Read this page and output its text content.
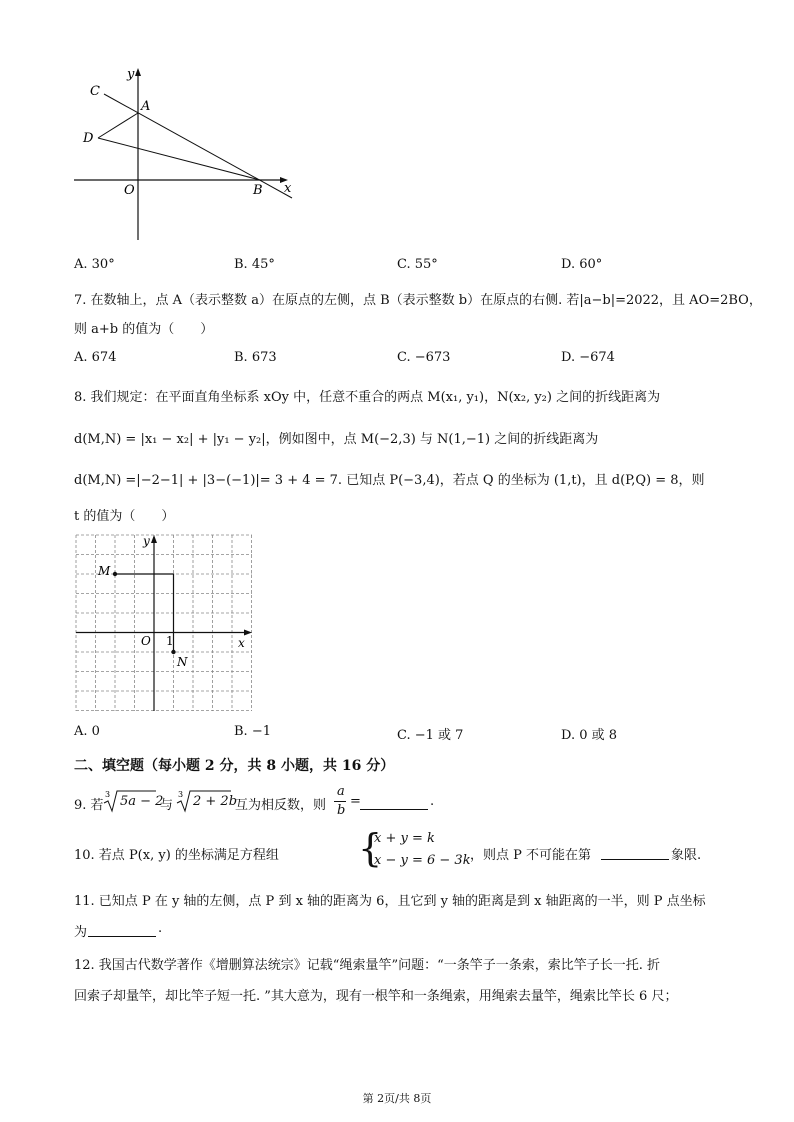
y
x
C
A
D
O	B
A. 30°	B. 45°	C. 55°	D. 60°
7. 在数轴上，点 A（表示整数 a）在原点的左侧，点 B（表示整数 b）在原点的右侧. 若|a−b|=2022，且 AO=2BO，
则 a+b 的值为（　　）
A. 674	B. 673	C. −673	D. −674
8. 我们规定：在平面直角坐标系 xOy 中，任意不重合的两点 M(x₁, y₁)，N(x₂, y₂) 之间的折线距离为
d(M,N) = |x₁ − x₂| + |y₁ − y₂|，例如图中，点 M(−2,3) 与 N(1,−1) 之间的折线距离为
d(M,N) =|−2−1| + |3−(−1)|= 3 + 4 = 7. 已知点 P(−3,4)，若点 Q 的坐标为 (1,t)，且 d(P,Q) = 8，则
t 的值为（　　）
y
x
M
O 1
N
A. 0	B. −1	C. −1 或 7	D. 0 或 8
二、填空题（每小题 2 分，共 8 小题，共 16 分）
9. 若
3 5a − 2
与
3 2 + 2b
互为相反数，则
a
b
=	.
10. 若点 P(x, y) 的坐标满足方程组 {
x + y = k
x − y = 6 − 3k ，则点 P 不可能在第	象限.
11. 已知点 P 在 y 轴的左侧，点 P 到 x 轴的距离为 6，且它到 y 轴的距离是到 x 轴距离的一半，则 P 点坐标
为	.
12. 我国古代数学著作《增删算法统宗》记载“绳索量竿”问题：“一条竿子一条索，索比竿子长一托. 折
回索子却量竿，却比竿子短一托. ”其大意为，现有一根竿和一条绳索，用绳索去量竿，绳索比竿长 6 尺；
第 2页/共 8页
